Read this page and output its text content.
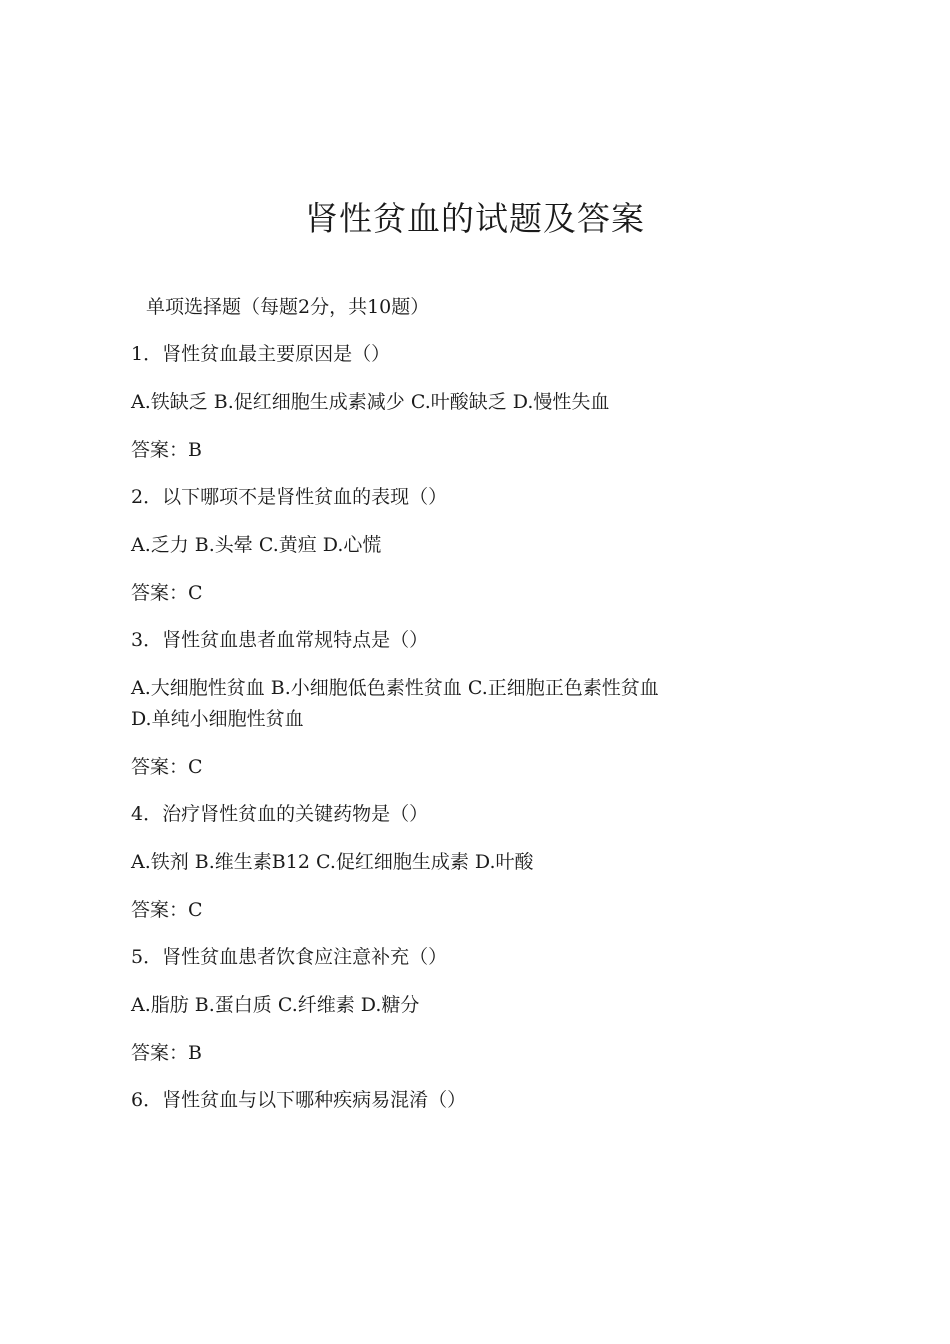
肾性贫血的试题及答案
单项选择题（每题2分，共10题）
1．肾性贫血最主要原因是（）
A.铁缺乏 B.促红细胞生成素减少 C.叶酸缺乏 D.慢性失血
答案：B
2．以下哪项不是肾性贫血的表现（）
A.乏力 B.头晕 C.黄疸 D.心慌
答案：C
3．肾性贫血患者血常规特点是（）
A.大细胞性贫血 B.小细胞低色素性贫血 C.正细胞正色素性贫血
D.单纯小细胞性贫血
答案：C
4．治疗肾性贫血的关键药物是（）
A.铁剂 B.维生素B12 C.促红细胞生成素 D.叶酸
答案：C
5．肾性贫血患者饮食应注意补充（）
A.脂肪 B.蛋白质 C.纤维素 D.糖分
答案：B
6．肾性贫血与以下哪种疾病易混淆（）
